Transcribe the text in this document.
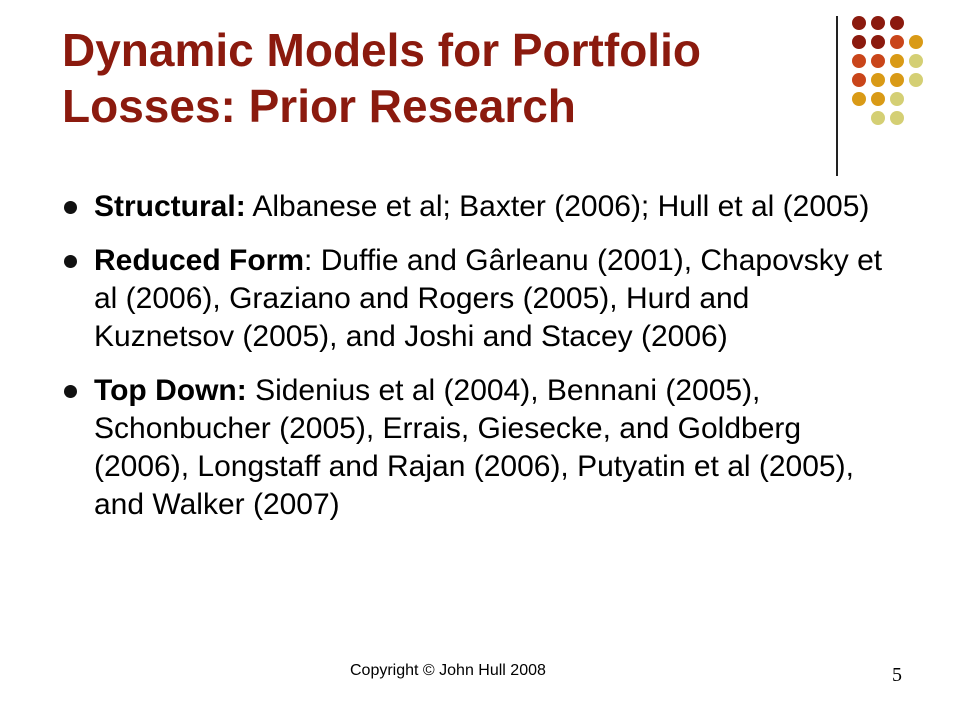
Dynamic Models for Portfolio
Losses: Prior Research
Structural: Albanese et al; Baxter (2006); Hull et al (2005)
Reduced Form: Duffie and Gârleanu (2001), Chapovsky et al (2006), Graziano and Rogers (2005), Hurd and Kuznetsov (2005), and Joshi and Stacey (2006)
Top Down: Sidenius et al (2004), Bennani (2005), Schonbucher (2005), Errais, Giesecke, and Goldberg (2006), Longstaff and Rajan (2006), Putyatin et al (2005), and Walker (2007)
Copyright © John Hull 2008	5
